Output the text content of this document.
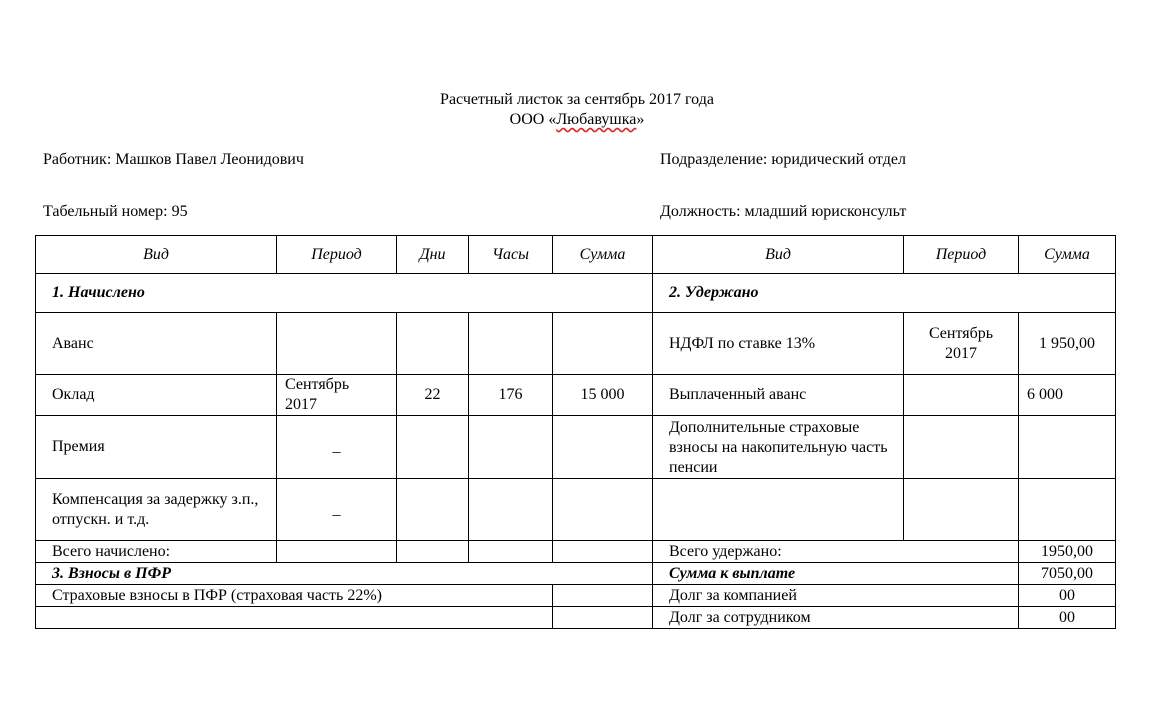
Расчетный листок за сентябрь 2017 года
ООО «Любавушка»
Работник: Машков Павел Леонидович	Подразделение: юридический отдел
Табельный номер: 95	Должность: младший юрисконсульт
Вид	Период	Дни	Часы	Сумма	Вид	Период	Сумма
1. Начислено					2. Удержано		
Аванс					НДФЛ по ставке 13%	Сентябрь 2017	1 950,00
Оклад	Сентябрь 2017	22	176	15 000	Выплаченный аванс		6 000
Премия	_				Дополнительные страховые взносы на накопительную часть пенсии		
Компенсация за задержку з.п., отпускн. и т.д.	_						
Всего начислено:					Всего удержано:		1950,00
3. Взносы в ПФР					Сумма к выплате		7050,00
Страховые взносы в ПФР (страховая часть 22%)					Долг за компанией		00
					Долг за сотрудником		00
